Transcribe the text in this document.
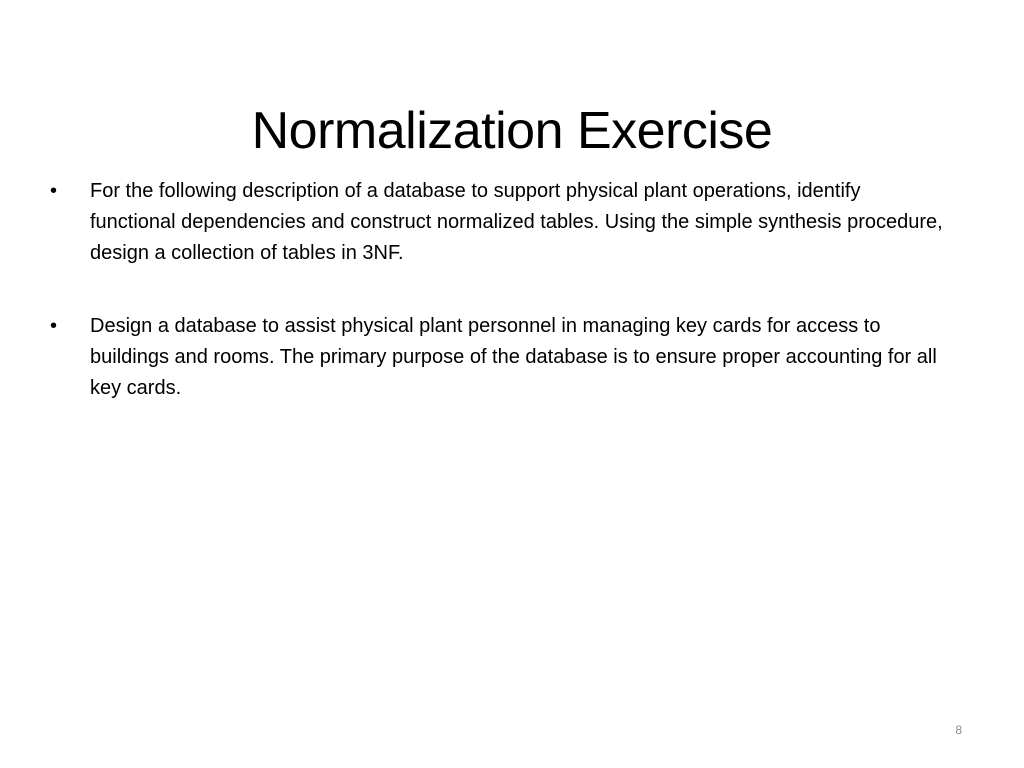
Normalization Exercise
•	For the following description of a database to support physical plant operations, identify functional dependencies and construct normalized tables. Using the simple synthesis procedure, design a collection of tables in 3NF.
•	Design a database to assist physical plant personnel in managing key cards for access to buildings and rooms. The primary purpose of the database is to ensure proper accounting for all key cards.
8
